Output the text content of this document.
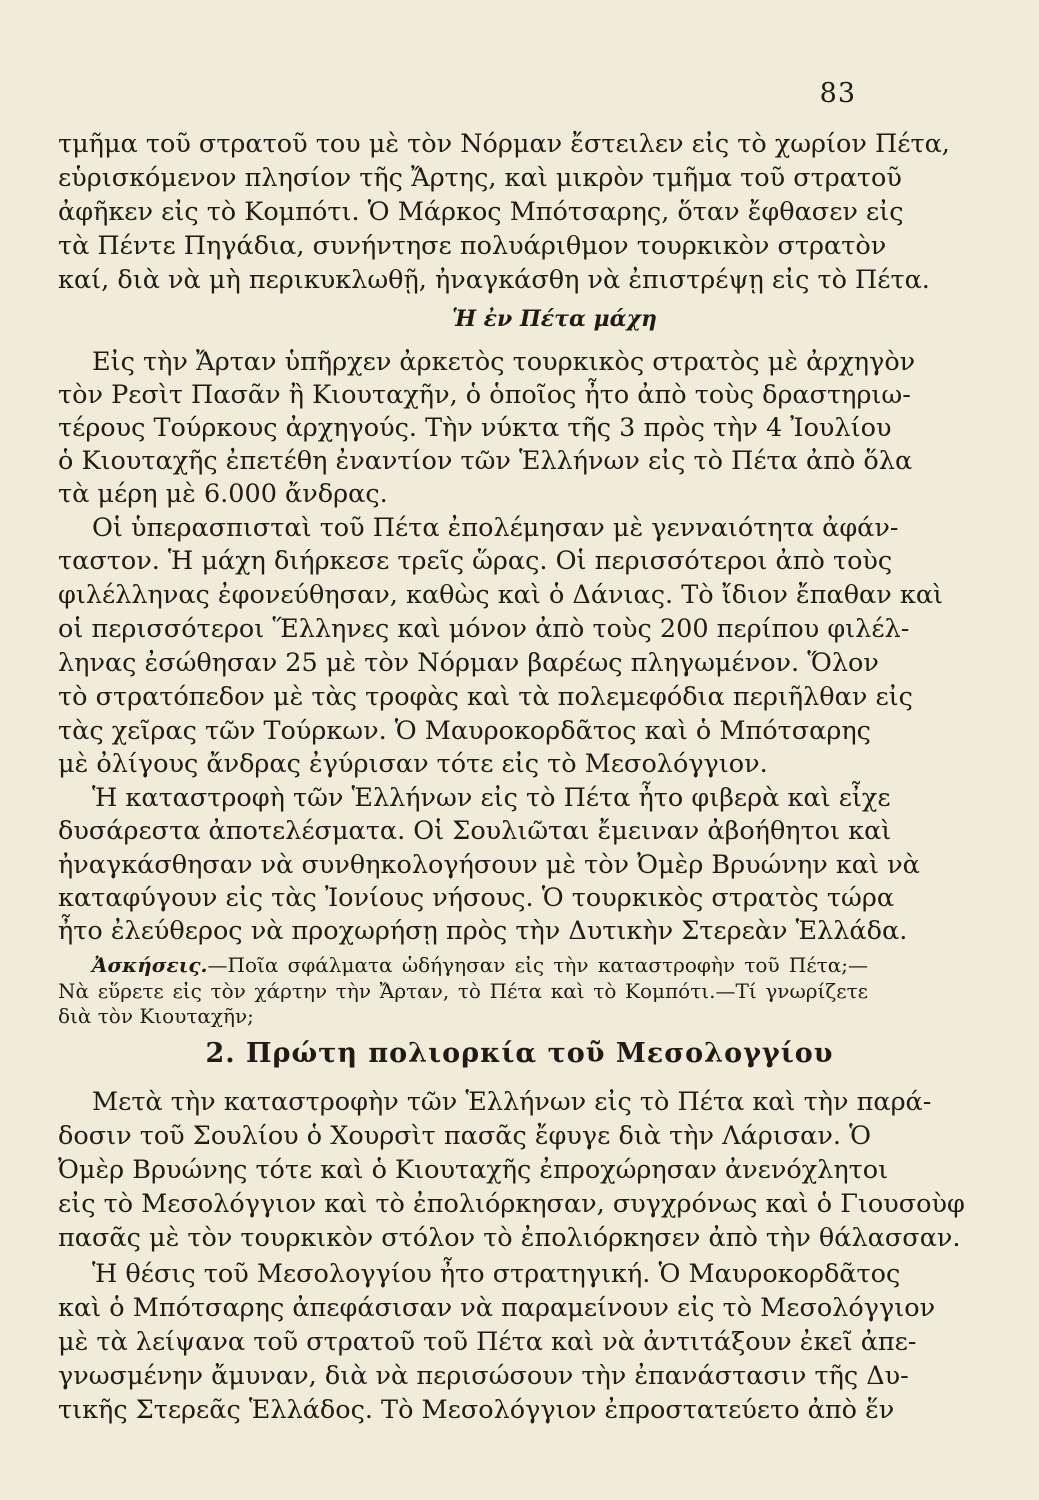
83
τμῆμα τοῦ στρατοῦ του μὲ τὸν Νόρμαν ἔστειλεν εἰς τὸ χωρίον Πέτα,
εὑρισκόμενον πλησίον τῆς Ἄρτης, καὶ μικρὸν τμῆμα τοῦ στρατοῦ
ἀφῆκεν εἰς τὸ Κομπότι. Ὁ Μάρκος Μπότσαρης, ὅταν ἔφθασεν εἰς
τὰ Πέντε Πηγάδια, συνήντησε πολυάριθμον τουρκικὸν στρατὸν
καί, διὰ νὰ μὴ περικυκλωθῇ, ἠναγκάσθη νὰ ἐπιστρέψῃ εἰς τὸ Πέτα.
Ἡ ἐν Πέτα μάχη
Εἰς τὴν Ἄρταν ὑπῆρχεν ἀρκετὸς τουρκικὸς στρατὸς μὲ ἀρχηγὸν
τὸν Ρεσὶτ Πασᾶν ἢ Κιουταχῆν, ὁ ὁποῖος ἦτο ἀπὸ τοὺς δραστηριω-
τέρους Τούρκους ἀρχηγούς. Τὴν νύκτα τῆς 3 πρὸς τὴν 4 Ἰουλίου
ὁ Κιουταχῆς ἐπετέθη ἐναντίον τῶν Ἑλλήνων εἰς τὸ Πέτα ἀπὸ ὅλα
τὰ μέρη μὲ 6.000 ἄνδρας.
Οἱ ὑπερασπισταὶ τοῦ Πέτα ἐπολέμησαν μὲ γενναιότητα ἀφάν-
ταστον. Ἡ μάχη διήρκεσε τρεῖς ὥρας. Οἱ περισσότεροι ἀπὸ τοὺς
φιλέλληνας ἐφονεύθησαν, καθὼς καὶ ὁ Δάνιας. Τὸ ἴδιον ἔπαθαν καὶ
οἱ περισσότεροι Ἕλληνες καὶ μόνον ἀπὸ τοὺς 200 περίπου φιλέλ-
ληνας ἐσώθησαν 25 μὲ τὸν Νόρμαν βαρέως πληγωμένον. Ὅλον
τὸ στρατόπεδον μὲ τὰς τροφὰς καὶ τὰ πολεμεφόδια περιῆλθαν εἰς
τὰς χεῖρας τῶν Τούρκων. Ὁ Μαυροκορδᾶτος καὶ ὁ Μπότσαρης
μὲ ὀλίγους ἄνδρας ἐγύρισαν τότε εἰς τὸ Μεσολόγγιον.
Ἡ καταστροφὴ τῶν Ἑλλήνων εἰς τὸ Πέτα ἦτο φιβερὰ καὶ εἶχε
δυσάρεστα ἀποτελέσματα. Οἱ Σουλιῶται ἔμειναν ἀβοήθητοι καὶ
ἠναγκάσθησαν νὰ συνθηκολογήσουν μὲ τὸν Ὀμὲρ Βρυώνην καὶ νὰ
καταφύγουν εἰς τὰς Ἰονίους νήσους. Ὁ τουρκικὸς στρατὸς τώρα
ἦτο ἐλεύθερος νὰ προχωρήσῃ πρὸς τὴν Δυτικὴν Στερεὰν Ἑλλάδα.
Ἀσκήσεις.—Ποῖα σφάλματα ὡδήγησαν εἰς τὴν καταστροφὴν τοῦ Πέτα;—
Νὰ εὕρετε εἰς τὸν χάρτην τὴν Ἄρταν, τὸ Πέτα καὶ τὸ Κομπότι.—Τί γνωρίζετε
διὰ τὸν Κιουταχῆν;
2. Πρώτη πολιορκία τοῦ Μεσολογγίου
Μετὰ τὴν καταστροφὴν τῶν Ἑλλήνων εἰς τὸ Πέτα καὶ τὴν παρά-
δοσιν τοῦ Σουλίου ὁ Χουρσὶτ πασᾶς ἔφυγε διὰ τὴν Λάρισαν. Ὁ
Ὀμὲρ Βρυώνης τότε καὶ ὁ Κιουταχῆς ἐπροχώρησαν ἀνενόχλητοι
εἰς τὸ Μεσολόγγιον καὶ τὸ ἐπολιόρκησαν, συγχρόνως καὶ ὁ Γιουσοὺφ
πασᾶς μὲ τὸν τουρκικὸν στόλον τὸ ἐπολιόρκησεν ἀπὸ τὴν θάλασσαν.
Ἡ θέσις τοῦ Μεσολογγίου ἦτο στρατηγική. Ὁ Μαυροκορδᾶτος
καὶ ὁ Μπότσαρης ἀπεφάσισαν νὰ παραμείνουν εἰς τὸ Μεσολόγγιον
μὲ τὰ λείψανα τοῦ στρατοῦ τοῦ Πέτα καὶ νὰ ἀντιτάξουν ἐκεῖ ἀπε-
γνωσμένην ἄμυναν, διὰ νὰ περισώσουν τὴν ἐπανάστασιν τῆς Δυ-
τικῆς Στερεᾶς Ἑλλάδος. Τὸ Μεσολόγγιον ἐπροστατεύετο ἀπὸ ἕν
